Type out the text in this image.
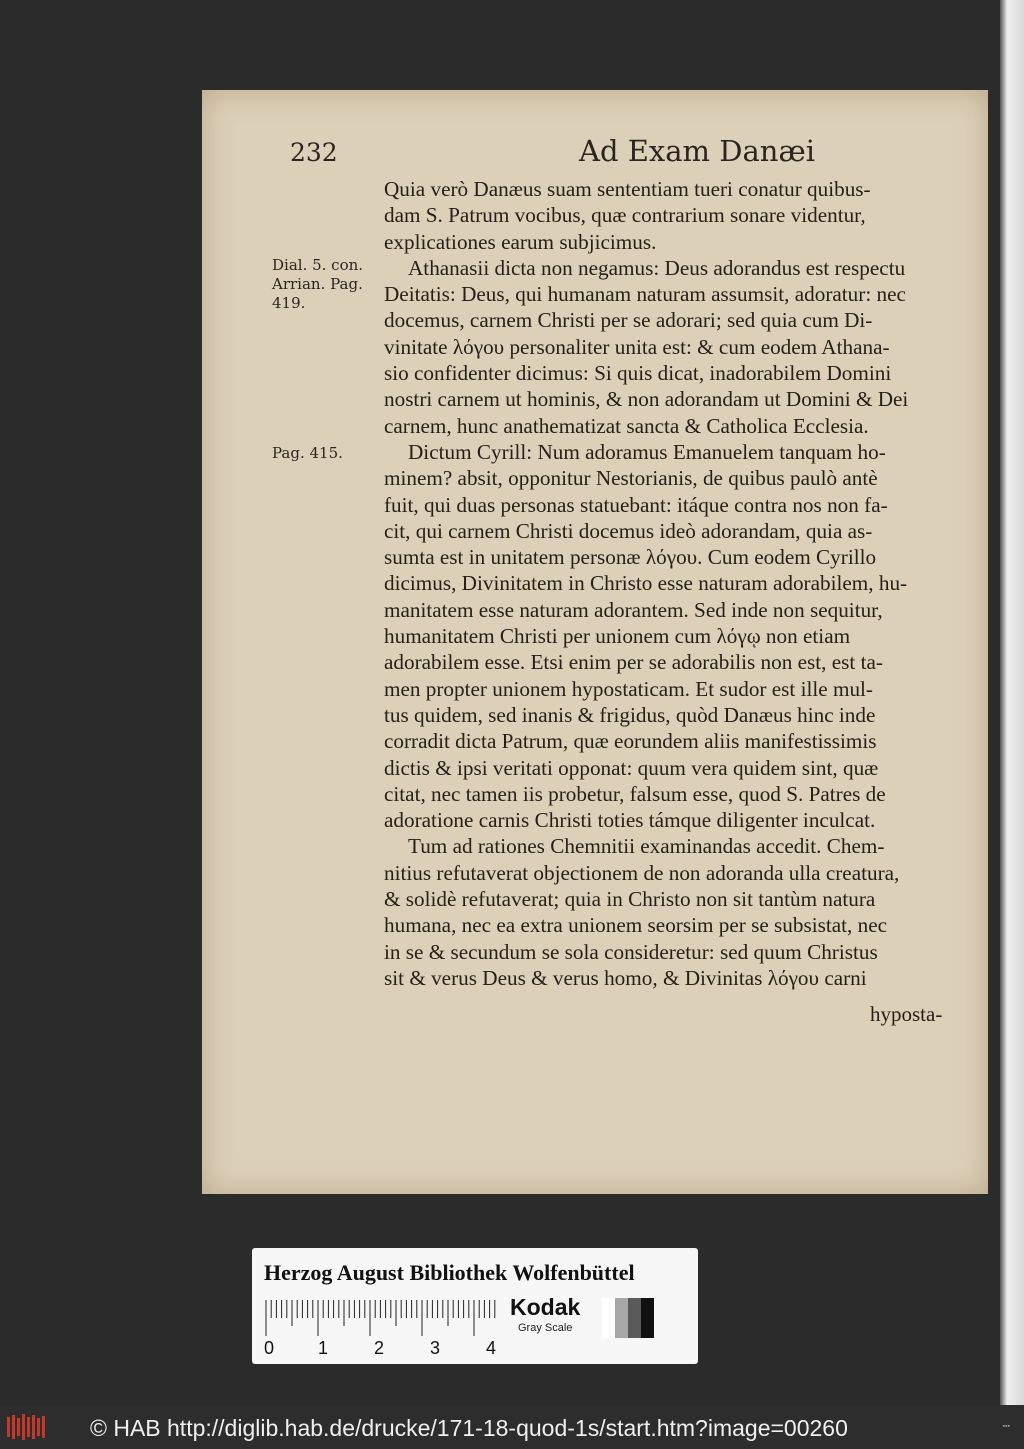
232	Ad Exam Danæi
Dial. 5. con. Arrian. Pag. 419.
Pag. 415.
Quia verò Danæus suam sententiam tueri conatur quibus-
dam S. Patrum vocibus, quæ contrarium sonare videntur,
explicationes earum subjicimus.
Athanasii dicta non negamus: Deus adorandus est respectu
Deitatis: Deus, qui humanam naturam assumsit, adoratur: nec
docemus, carnem Christi per se adorari; sed quia cum Di-
vinitate λόγου personaliter unita est: & cum eodem Athana-
sio confidenter dicimus: Si quis dicat, inadorabilem Domini
nostri carnem ut hominis, & non adorandam ut Domini & Dei
carnem, hunc anathematizat sancta & Catholica Ecclesia.
Dictum Cyrill: Num adoramus Emanuelem tanquam ho-
minem? absit, opponitur Nestorianis, de quibus paulò antè
fuit, qui duas personas statuebant: itáque contra nos non fa-
cit, qui carnem Christi docemus ideò adorandam, quia as-
sumta est in unitatem personæ λόγου. Cum eodem Cyrillo
dicimus, Divinitatem in Christo esse naturam adorabilem, hu-
manitatem esse naturam adorantem. Sed inde non sequitur,
humanitatem Christi per unionem cum λόγῳ non etiam
adorabilem esse. Etsi enim per se adorabilis non est, est ta-
men propter unionem hypostaticam. Et sudor est ille mul-
tus quidem, sed inanis & frigidus, quòd Danæus hinc inde
corradit dicta Patrum, quæ eorundem aliis manifestissimis
dictis & ipsi veritati opponat: quum vera quidem sint, quæ
citat, nec tamen iis probetur, falsum esse, quod S. Patres de
adoratione carnis Christi toties támque diligenter inculcat.
Tum ad rationes Chemnitii examinandas accedit. Chem-
nitius refutaverat objectionem de non adoranda ulla creatura,
& solidè refutaverat; quia in Christo non sit tantùm natura
humana, nec ea extra unionem seorsim per se subsistat, nec
in se & secundum se sola consideretur: sed quum Christus
sit & verus Deus & verus homo, & Divinitas λόγου carni
hyposta-
Herzog August Bibliothek Wolfenbüttel
0 1	2	3	4
Kodak
Gray Scale
© HAB http://diglib.hab.de/drucke/171-18-quod-1s/start.htm?image=00260	▪▪▪
